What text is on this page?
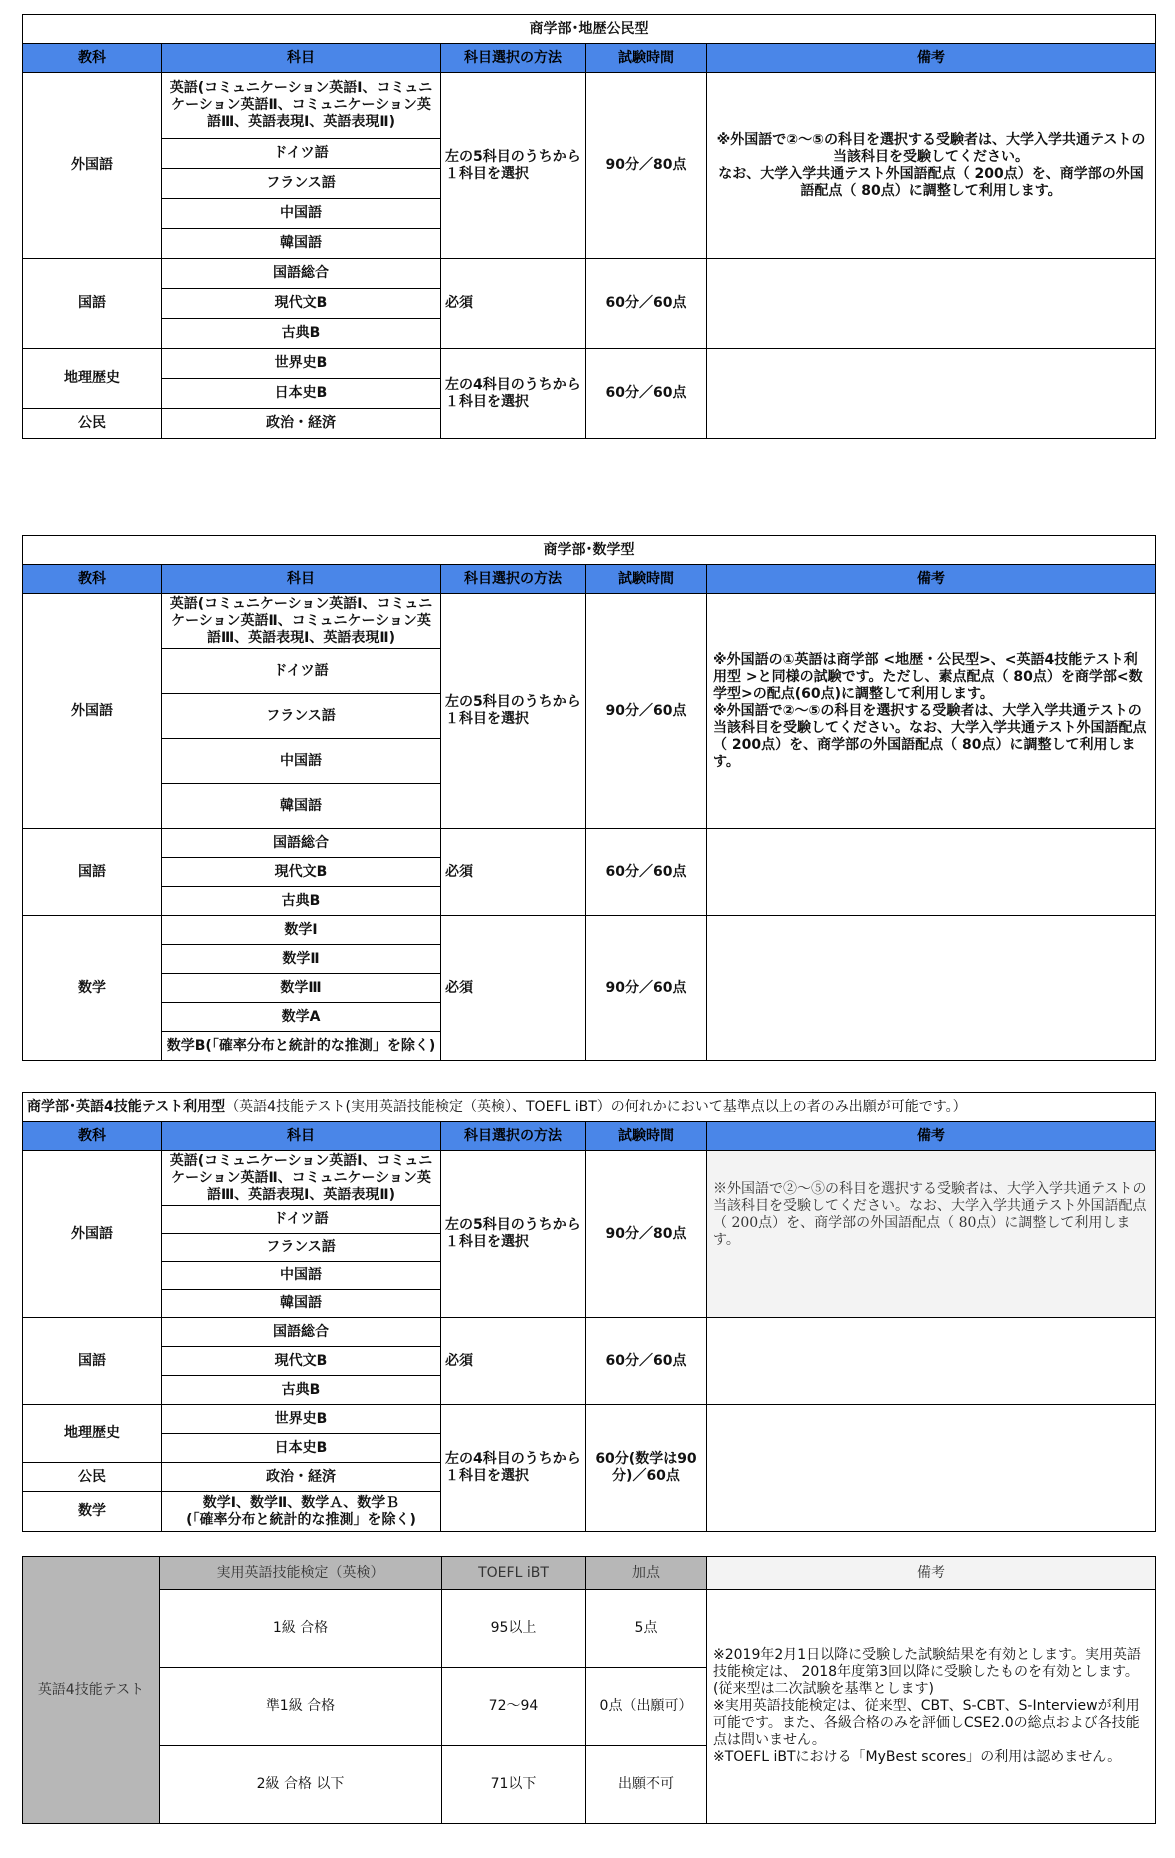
商学部･地歴公民型				
教科	科目	科目選択の方法	試験時間	備考
外国語	英語(コミュニケーション英語Ⅰ、コミュニケーション英語Ⅱ、コミュニケーション英語Ⅲ、英語表現Ⅰ、英語表現Ⅱ)	左の5科目のうちから１科目を選択	90分／80点	※外国語で②～⑤の科目を選択する受験者は、大学入学共通テストの当該科目を受験してください。
なお、大学入学共通テスト外国語配点（ 200点）を、商学部の外国語配点（ 80点）に調整して利用します。
	ドイツ語			
	フランス語			
	中国語			
	韓国語			
国語	国語総合	必須	60分／60点	
	現代文B			
	古典B			
地理歴史	世界史B	左の4科目のうちから１科目を選択	60分／60点	
	日本史B			
公民	政治・経済			
商学部･数学型				
教科	科目	科目選択の方法	試験時間	備考
外国語	英語(コミュニケーション英語Ⅰ、コミュニケーション英語Ⅱ、コミュニケーション英語Ⅲ、英語表現Ⅰ、英語表現Ⅱ)	左の5科目のうちから１科目を選択	90分／60点	※外国語の①英語は商学部 <地歴・公民型>、<英語4技能テスト利用型 >と同様の試験です。ただし、素点配点（ 80点）を商学部<数学型>の配点(60点)に調整して利用します。
※外国語で②～⑤の科目を選択する受験者は、大学入学共通テストの当該科目を受験してください。なお、大学入学共通テスト外国語配点（ 200点）を、商学部の外国語配点（ 80点）に調整して利用します。
	ドイツ語			
	フランス語			
	中国語			
	韓国語			
国語	国語総合	必須	60分／60点	
	現代文B			
	古典B			
数学	数学Ⅰ	必須	90分／60点	
	数学Ⅱ			
	数学Ⅲ			
	数学A			
	数学B(「確率分布と統計的な推測」を除く)			
商学部･英語4技能テスト利用型（英語4技能テスト(実用英語技能検定（英検）、TOEFL iBT）の何れかにおいて基準点以上の者のみ出願が可能です。）				
教科	科目	科目選択の方法	試験時間	備考
外国語	英語(コミュニケーション英語Ⅰ、コミュニケーション英語Ⅱ、コミュニケーション英語Ⅲ、英語表現Ⅰ、英語表現Ⅱ)	左の5科目のうちから１科目を選択	90分／80点	※外国語で②～⑤の科目を選択する受験者は、大学入学共通テストの当該科目を受験してください。なお、大学入学共通テスト外国語配点（ 200点）を、商学部の外国語配点（ 80点）に調整して利用します。
	ドイツ語			
	フランス語			
	中国語			
	韓国語			
国語	国語総合	必須	60分／60点	
	現代文B			
	古典B			
地理歴史	世界史B	左の4科目のうちから１科目を選択	60分(数学は90分)／60点	
	日本史B			
公民	政治・経済			
数学	数学Ⅰ、数学Ⅱ、数学Ａ、数学Ｂ
(「確率分布と統計的な推測」を除く)			
英語4技能テスト	実用英語技能検定（英検）	TOEFL iBT	加点	備考
	1級 合格	95以上	5点	※2019年2月1日以降に受験した試験結果を有効とします。実用英語技能検定は、 2018年度第3回以降に受験したものを有効とします。(従来型は二次試験を基準とします)
※実用英語技能検定は、従来型、CBT、S-CBT、S-Interviewが利用可能です。また、各級合格のみを評価しCSE2.0の総点および各技能点は問いません。
※TOEFL iBTにおける「MyBest scores」の利用は認めません。
	準1級 合格	72～94	0点（出願可）	
	2級 合格 以下	71以下	出願不可	
